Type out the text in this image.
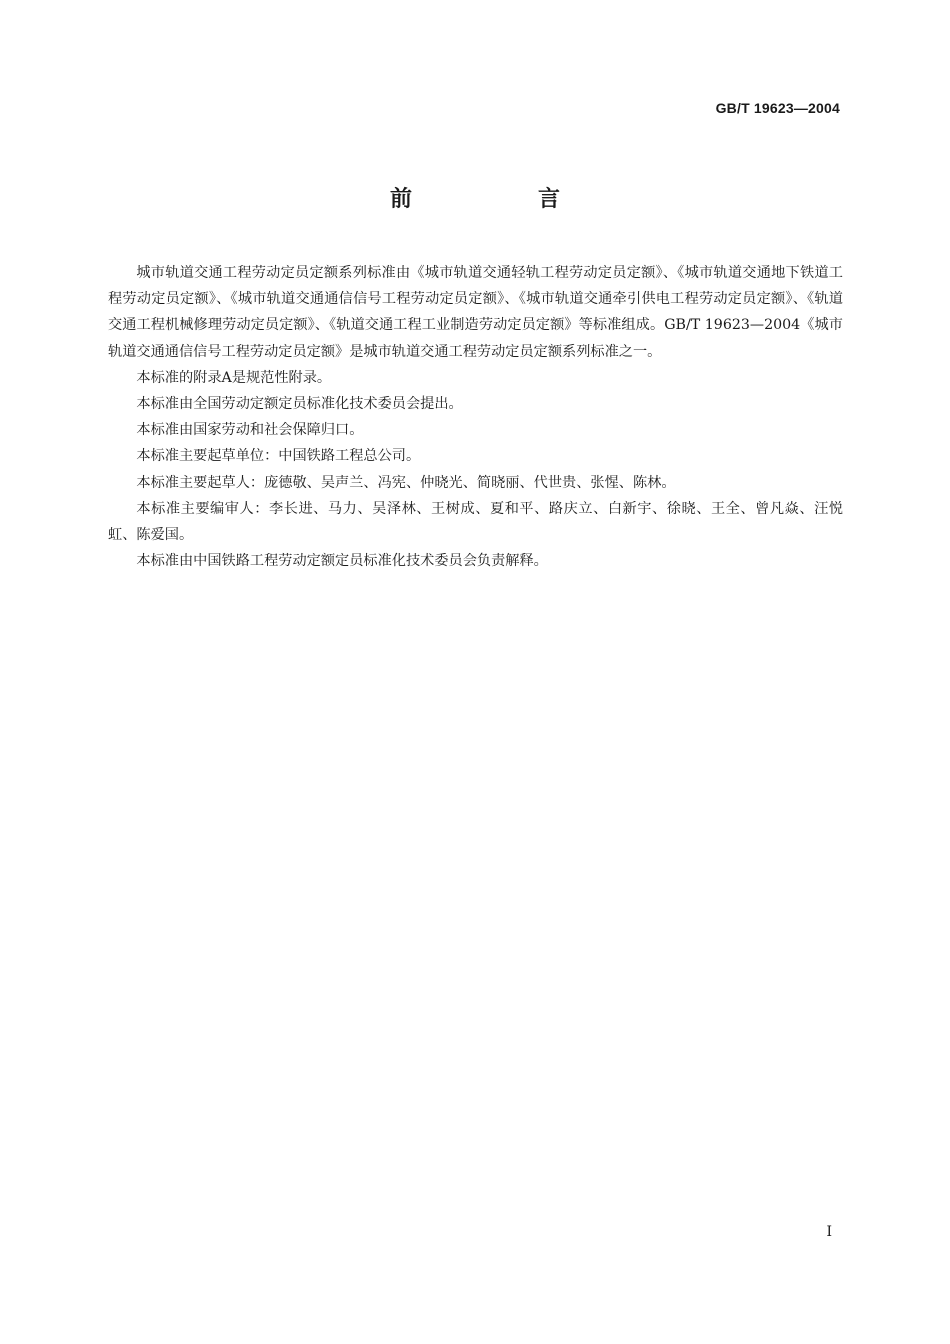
GB/T 19623—2004
前　言

城市轨道交通工程劳动定员定额系列标准由《城市轨道交通轻轨工程劳动定员定额》、《城市轨道交通地下铁道工程劳动定员定额》、《城市轨道交通通信信号工程劳动定员定额》、《城市轨道交通牵引供电工程劳动定员定额》、《轨道交通工程机械修理劳动定员定额》、《轨道交通工程工业制造劳动定员定额》等标准组成。GB/T 19623—2004《城市轨道交通通信信号工程劳动定员定额》是城市轨道交通工程劳动定员定额系列标准之一。

本标准的附录A是规范性附录。

本标准由全国劳动定额定员标准化技术委员会提出。

本标准由国家劳动和社会保障归口。

本标准主要起草单位：中国铁路工程总公司。

本标准主要起草人：庞德敬、吴声兰、冯宪、仲晓光、简晓丽、代世贵、张惺、陈林。

本标准主要编审人：李长进、马力、吴泽林、王树成、夏和平、路庆立、白新宇、徐晓、王全、曾凡焱、汪悦虹、陈爱国。

本标准由中国铁路工程劳动定额定员标准化技术委员会负责解释。

I
